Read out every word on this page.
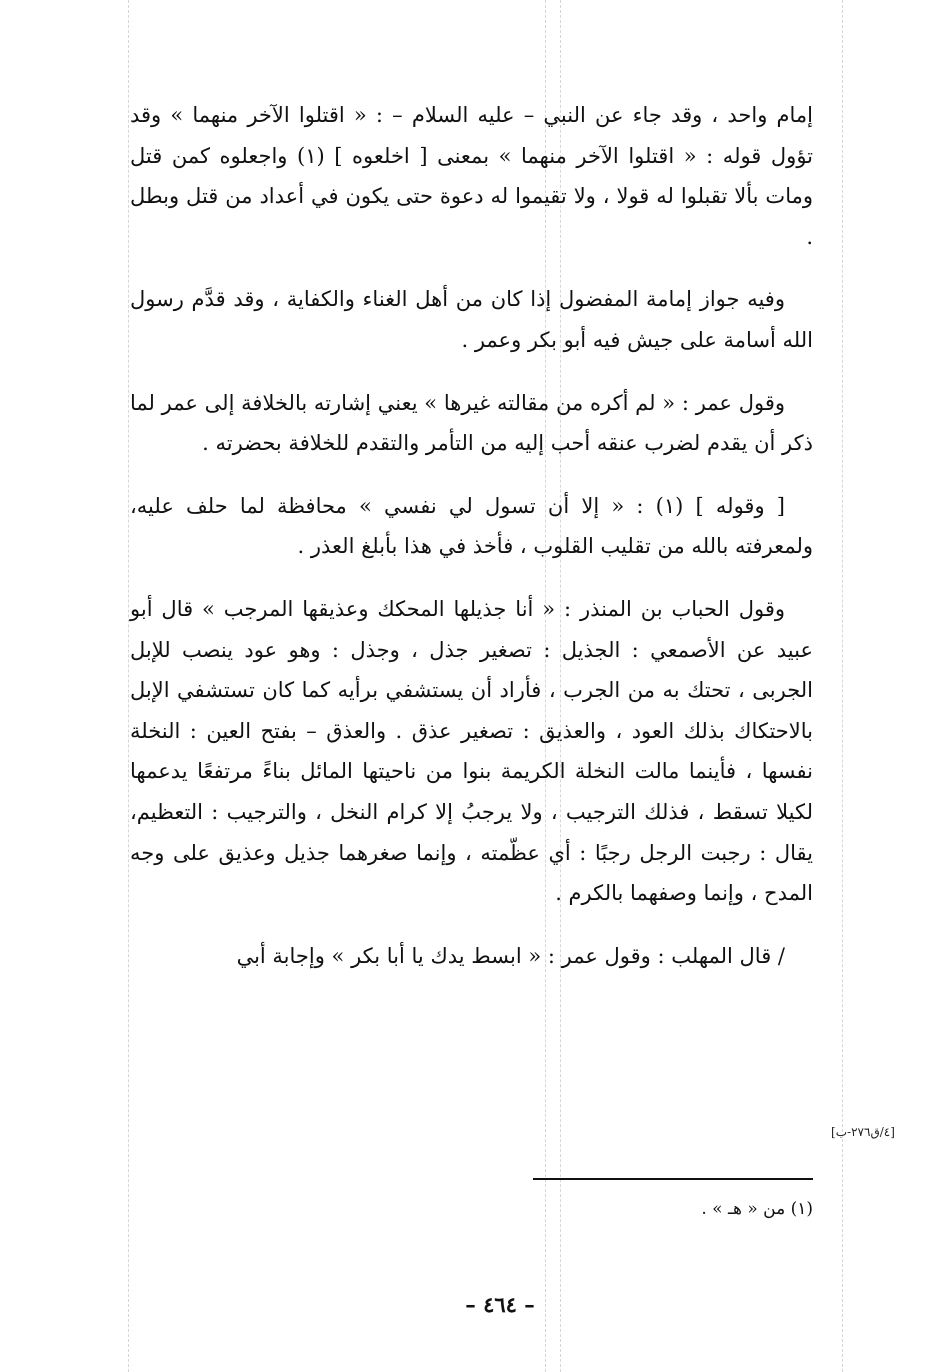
إمام واحد ، وقد جاء عن النبي – عليه السلام – : « اقتلوا الآخر منهما » وقد تؤول قوله : « اقتلوا الآخر منهما » بمعنى [ اخلعوه ] (١) واجعلوه كمن قتل ومات بألا تقبلوا له قولا ، ولا تقيموا له دعوة حتى يكون في أعداد من قتل وبطل .

وفيه جواز إمامة المفضول إذا كان من أهل الغناء والكفاية ، وقد قدَّم رسول الله أسامة على جيش فيه أبو بكر وعمر .

وقول عمر : « لم أكره من مقالته غيرها » يعني إشارته بالخلافة إلى عمر لما ذكر أن يقدم لضرب عنقه أحب إليه من التأمر والتقدم للخلافة بحضرته .

[ وقوله ] (١) : « إلا أن تسول لي نفسي » محافظة لما حلف عليه، ولمعرفته بالله من تقليب القلوب ، فأخذ في هذا بأبلغ العذر .

وقول الحباب بن المنذر : « أنا جذيلها المحكك وعذيقها المرجب » قال أبو عبيد عن الأصمعي : الجذيل : تصغير جذل ، وجذل : وهو عود ينصب للإبل الجربى ، تحتك به من الجرب ، فأراد أن يستشفي برأيه كما كان تستشفي الإبل بالاحتكاك بذلك العود ، والعذيق : تصغير عذق . والعذق – بفتح العين : النخلة نفسها ، فأينما مالت النخلة الكريمة بنوا من ناحيتها المائل بناءً مرتفعًا يدعمها لكيلا تسقط ، فذلك الترجيب ، ولا يرجبُ إلا كرام النخل ، والترجيب : التعظيم، يقال : رجبت الرجل رجبًا : أي عظّمته ، وإنما صغرهما جذيل وعذيق على وجه المدح ، وإنما وصفهما بالكرم .

/ قال المهلب : وقول عمر : « ابسط يدك يا أبا بكر » وإجابة أبي

[٤/ق٢٧٦-ب]
(١) من « هـ » .
– ٤٦٤ –
